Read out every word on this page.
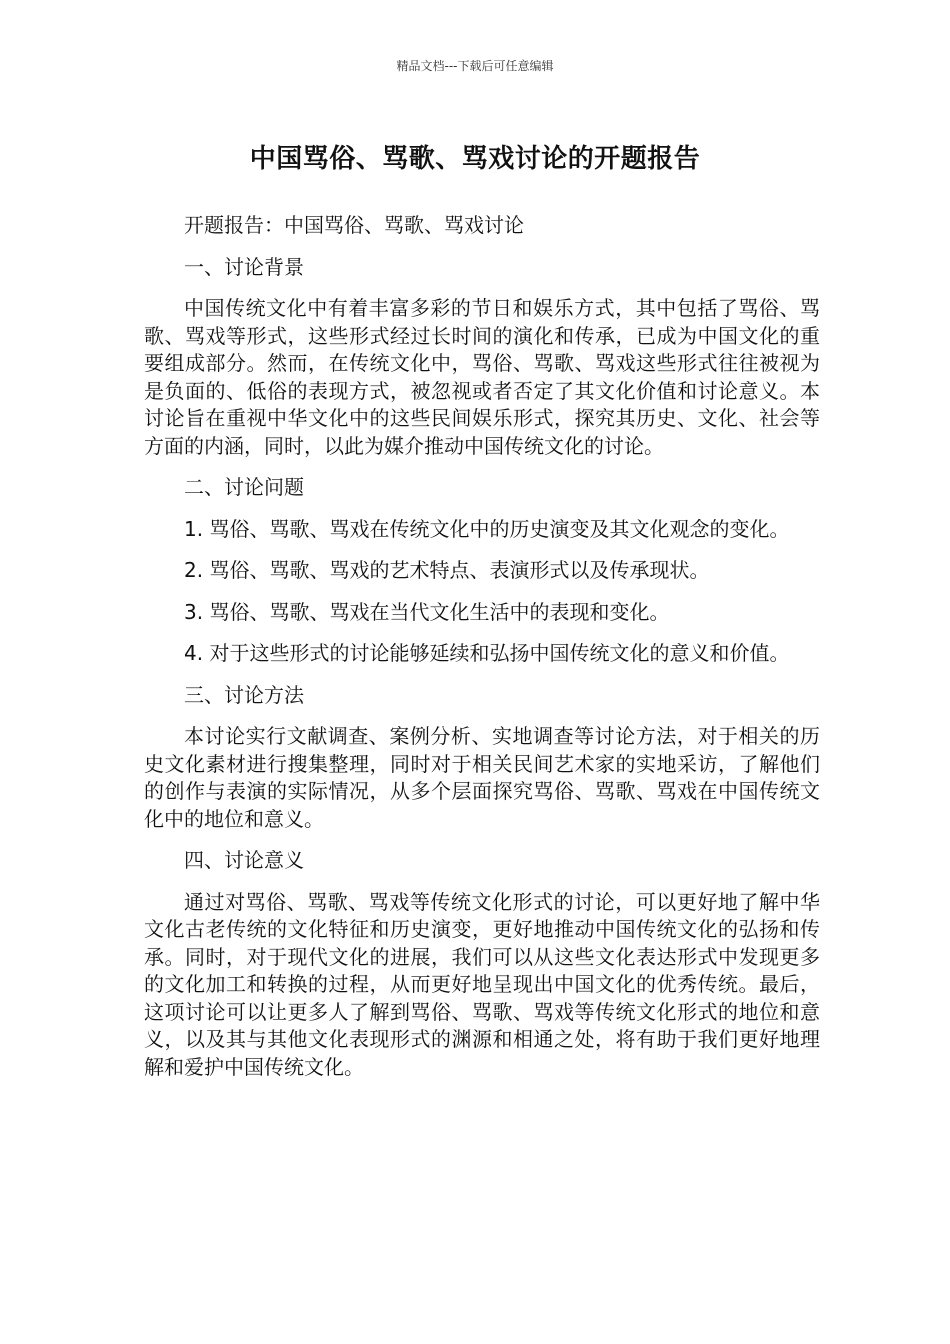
精品文档---下载后可任意编辑
中国骂俗、骂歌、骂戏讨论的开题报告

开题报告：中国骂俗、骂歌、骂戏讨论

一、讨论背景

中国传统文化中有着丰富多彩的节日和娱乐方式，其中包括了骂俗、骂歌、骂戏等形式，这些形式经过长时间的演化和传承，已成为中国文化的重要组成部分。然而，在传统文化中，骂俗、骂歌、骂戏这些形式往往被视为是负面的、低俗的表现方式，被忽视或者否定了其文化价值和讨论意义。本讨论旨在重视中华文化中的这些民间娱乐形式，探究其历史、文化、社会等方面的内涵，同时，以此为媒介推动中国传统文化的讨论。

二、讨论问题

1. 骂俗、骂歌、骂戏在传统文化中的历史演变及其文化观念的变化。

2. 骂俗、骂歌、骂戏的艺术特点、表演形式以及传承现状。

3. 骂俗、骂歌、骂戏在当代文化生活中的表现和变化。

4. 对于这些形式的讨论能够延续和弘扬中国传统文化的意义和价值。

三、讨论方法

本讨论实行文献调查、案例分析、实地调查等讨论方法，对于相关的历史文化素材进行搜集整理，同时对于相关民间艺术家的实地采访，了解他们的创作与表演的实际情况，从多个层面探究骂俗、骂歌、骂戏在中国传统文化中的地位和意义。

四、讨论意义

通过对骂俗、骂歌、骂戏等传统文化形式的讨论，可以更好地了解中华文化古老传统的文化特征和历史演变，更好地推动中国传统文化的弘扬和传承。同时，对于现代文化的进展，我们可以从这些文化表达形式中发现更多的文化加工和转换的过程，从而更好地呈现出中国文化的优秀传统。最后，这项讨论可以让更多人了解到骂俗、骂歌、骂戏等传统文化形式的地位和意义，以及其与其他文化表现形式的渊源和相通之处，将有助于我们更好地理解和爱护中国传统文化。
